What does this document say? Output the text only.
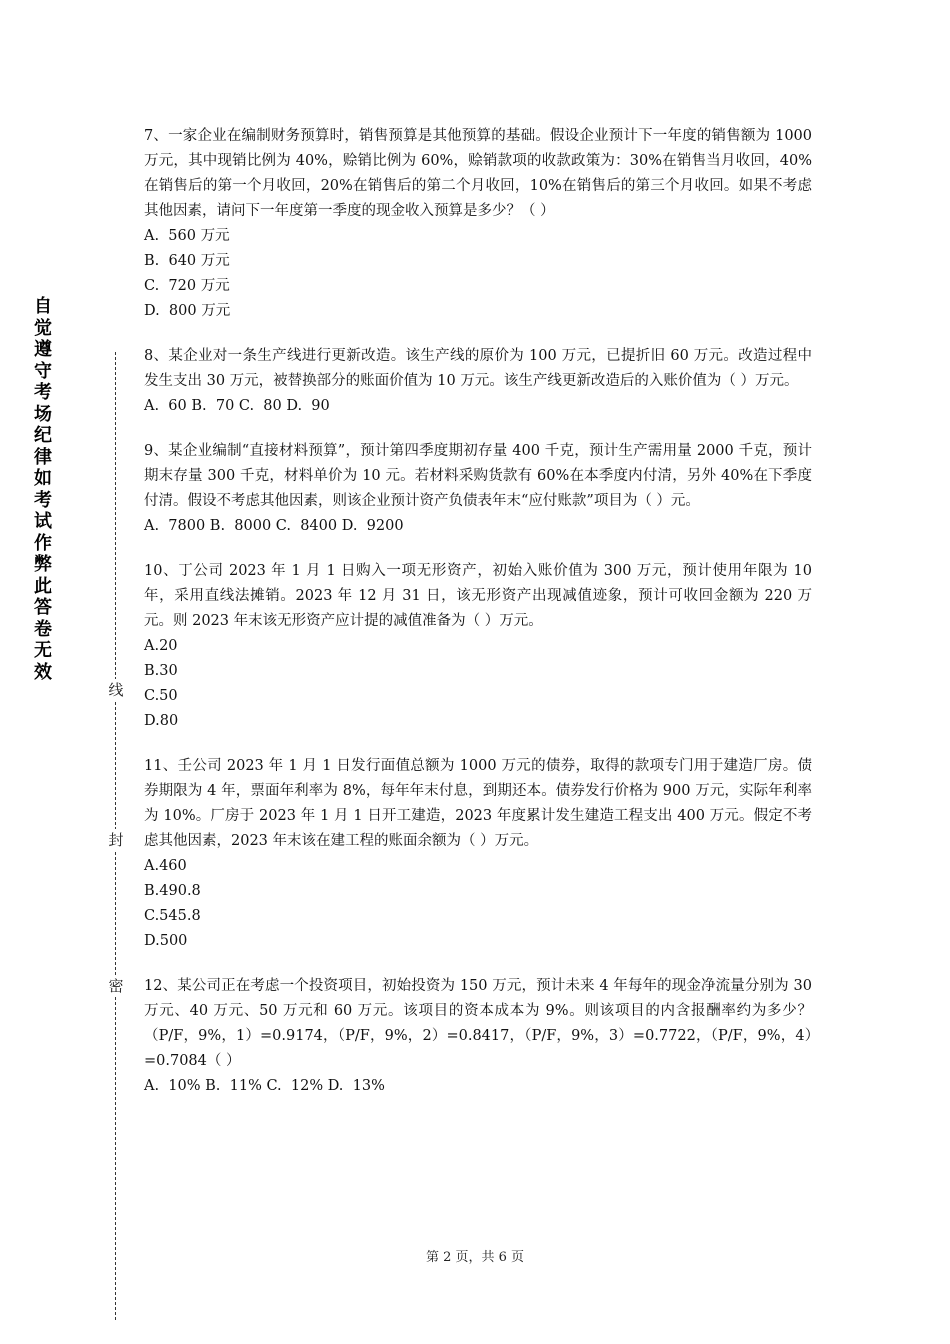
自觉遵守考场纪律如考试作弊此答卷无效
线
封
密

7、一家企业在编制财务预算时，销售预算是其他预算的基础。假设企业预计下一年度的销售额为 1000 万元，其中现销比例为 40%，赊销比例为 60%，赊销款项的收款政策为：30%在销售当月收回，40%在销售后的第一个月收回，20%在销售后的第二个月收回，10%在销售后的第三个月收回。如果不考虑其他因素，请问下一年度第一季度的现金收入预算是多少？（ ）

A.  560 万元

B.  640 万元

C.  720 万元

D.  800 万元

8、某企业对一条生产线进行更新改造。该生产线的原价为 100 万元，已提折旧 60 万元。改造过程中发生支出 30 万元，被替换部分的账面价值为 10 万元。该生产线更新改造后的入账价值为（ ）万元。

A.  60 B.  70 C.  80 D.  90

9、某企业编制“直接材料预算”，预计第四季度期初存量 400 千克，预计生产需用量 2000 千克，预计期末存量 300 千克，材料单价为 10 元。若材料采购货款有 60%在本季度内付清，另外 40%在下季度付清。假设不考虑其他因素，则该企业预计资产负债表年末“应付账款”项目为（ ）元。

A.  7800 B.  8000 C.  8400 D.  9200

10、丁公司 2023 年 1 月 1 日购入一项无形资产，初始入账价值为 300 万元，预计使用年限为 10 年，采用直线法摊销。2023 年 12 月 31 日，该无形资产出现减值迹象，预计可收回金额为 220 万元。则 2023 年末该无形资产应计提的减值准备为（ ）万元。

A.20

B.30

C.50

D.80

11、壬公司 2023 年 1 月 1 日发行面值总额为 1000 万元的债券，取得的款项专门用于建造厂房。债券期限为 4 年，票面年利率为 8%，每年年末付息，到期还本。债券发行价格为 900 万元，实际年利率为 10%。厂房于 2023 年 1 月 1 日开工建造，2023 年度累计发生建造工程支出 400 万元。假定不考虑其他因素，2023 年末该在建工程的账面余额为（ ）万元。

A.460

B.490.8

C.545.8

D.500

12、某公司正在考虑一个投资项目，初始投资为 150 万元，预计未来 4 年每年的现金净流量分别为 30 万元、40 万元、50 万元和 60 万元。该项目的资本成本为 9%。则该项目的内含报酬率约为多少？（P/F，9%，1）=0.9174，（P/F，9%，2）=0.8417，（P/F，9%，3）=0.7722，（P/F，9%，4）=0.7084（ ）

A.  10% B.  11% C.  12% D.  13%

第 2 页，共 6 页
